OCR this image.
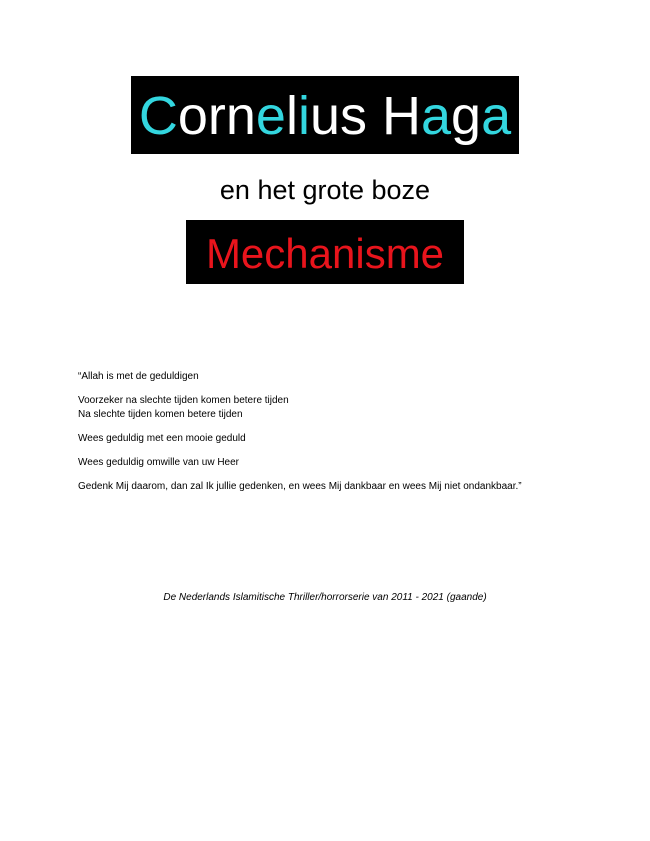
Cornelius Haga
en het grote boze
Mechanisme

“Allah is met de geduldigen

Voorzeker na slechte tijden komen betere tijden

Na slechte tijden komen betere tijden

Wees geduldig met een mooie geduld

Wees geduldig omwille van uw Heer

Gedenk Mij daarom, dan zal Ik jullie gedenken, en wees Mij dankbaar en wees Mij niet ondankbaar.”

De Nederlands Islamitische Thriller/horrorserie van 2011 - 2021 (gaande)
